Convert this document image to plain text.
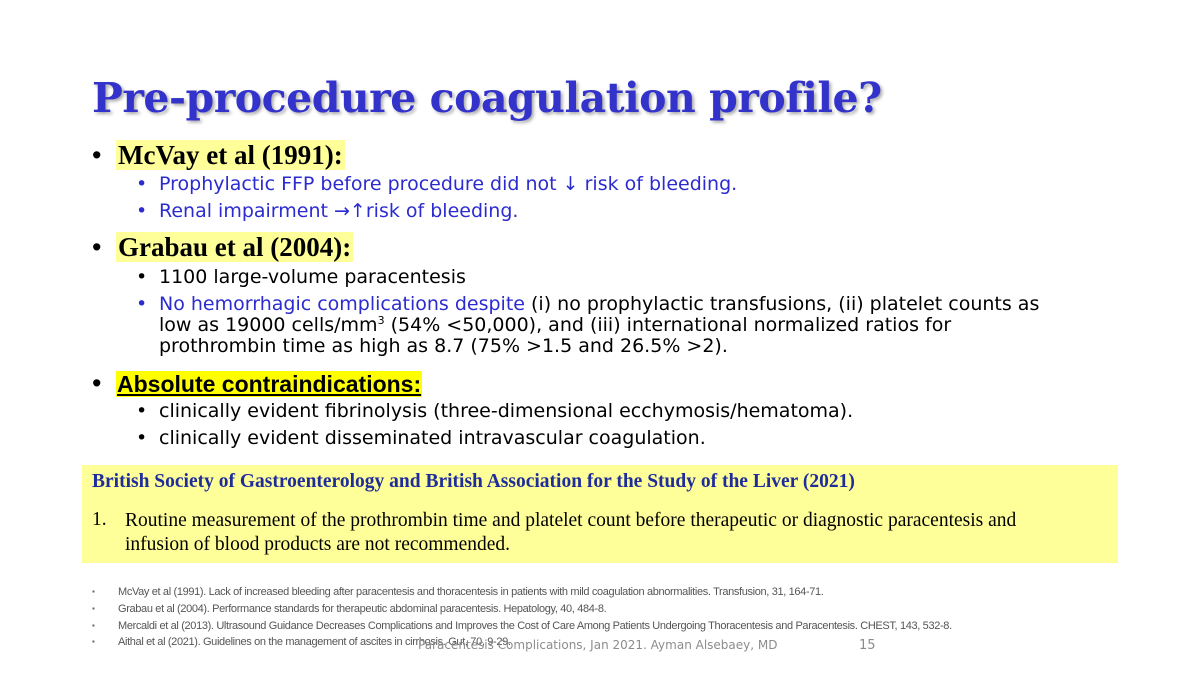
Pre-procedure coagulation profile?
• McVay et al (1991):
• Prophylactic FFP before procedure did not ↓ risk of bleeding.
• Renal impairment →↑risk of bleeding.
• Grabau et al (2004):
• 1100 large-volume paracentesis
• No hemorrhagic complications despite (i) no prophylactic transfusions, (ii) platelet counts as
low as 19000 cells/$mm^3$ (54% <50,000), and (iii) international normalized ratios for
prothrombin time as high as 8.7 (75% >1.5 and 26.5% >2).
• Absolute contraindications:
• clinically evident fibrinolysis (three-dimensional ecchymosis/hematoma).
• clinically evident disseminated intravascular coagulation.
British Society of Gastroenterology and British Association for the Study of the Liver (2021)
1. Routine measurement of the prothrombin time and platelet count before therapeutic or diagnostic paracentesis and infusion of blood products are not recommended.
▪ McVay et al (1991). Lack of increased bleeding after paracentesis and thoracentesis in patients with mild coagulation abnormalities. Transfusion, 31, 164-71.
▪ Grabau et al (2004). Performance standards for therapeutic abdominal paracentesis. Hepatology, 40, 484-8.
▪ Mercaldi et al (2013). Ultrasound Guidance Decreases Complications and Improves the Cost of Care Among Patients Undergoing Thoracentesis and Paracentesis. CHEST, 143, 532-8.
▪ Aithal et al (2021). Guidelines on the management of ascites in cirrhosis. Gut, 70, 9-29.
Paracentesis Complications, Jan 2021. Ayman Alsebaey, MD	15
